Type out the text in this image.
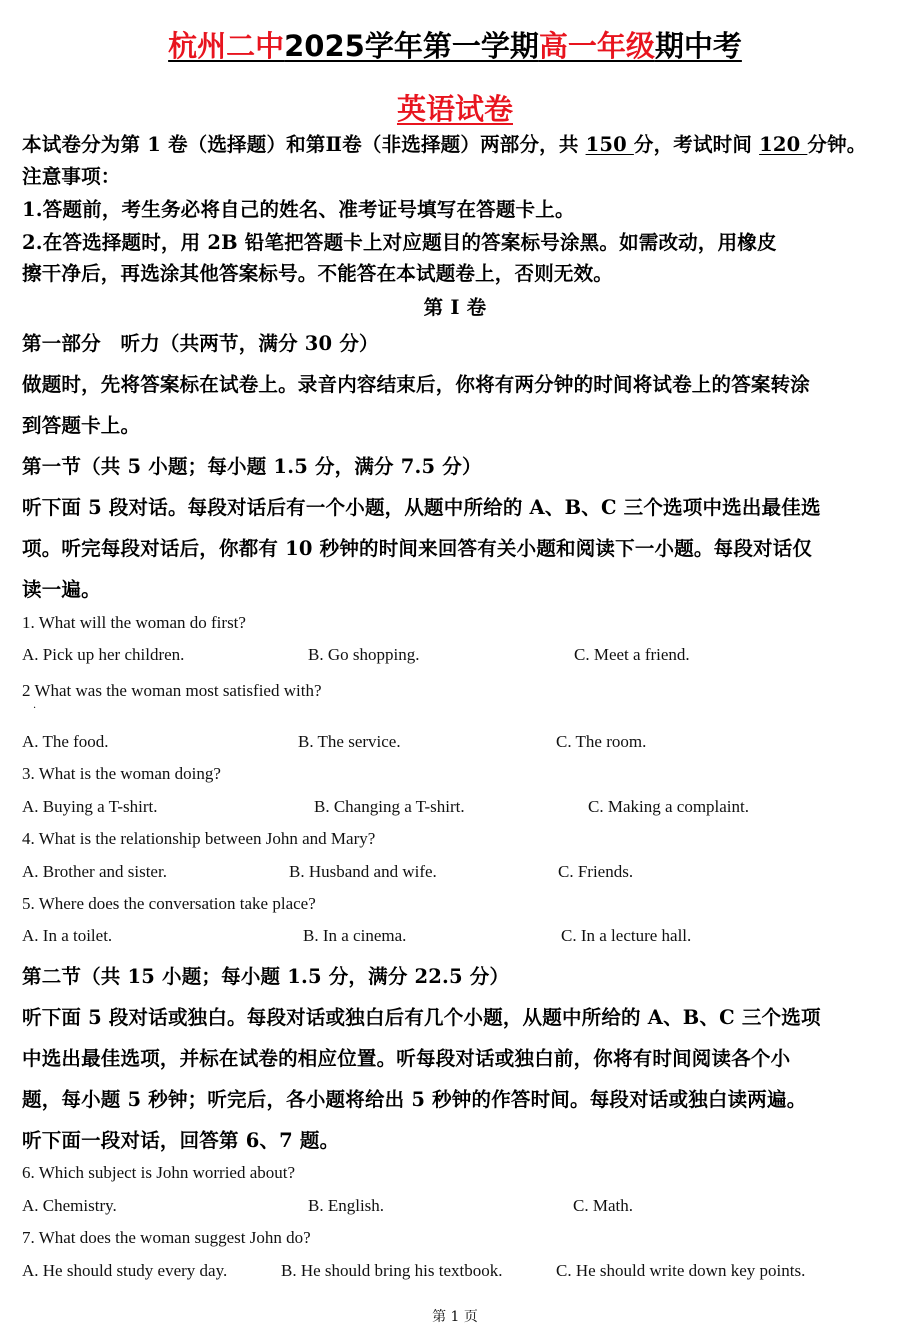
杭州二中2025学年第一学期高一年级期中考
英语试卷
本试卷分为第 1 卷（选择题）和第Ⅱ卷（非选择题）两部分，共 150 分，考试时间 120 分钟。
注意事项：
1.答题前，考生务必将自己的姓名、准考证号填写在答题卡上。
2.在答选择题时，用 2B 铅笔把答题卡上对应题目的答案标号涂黑。如需改动，用橡皮
擦干净后，再选涂其他答案标号。不能答在本试题卷上，否则无效。
第 I 卷
第一部分　听力（共两节，满分 30 分）
做题时，先将答案标在试卷上。录音内容结束后，你将有两分钟的时间将试卷上的答案转涂
到答题卡上。
第一节（共 5 小题；每小题 1.5 分，满分 7.5 分）
听下面 5 段对话。每段对话后有一个小题，从题中所给的 A、B、C 三个选项中选出最佳选
项。听完每段对话后，你都有 10 秒钟的时间来回答有关小题和阅读下一小题。每段对话仅
读一遍。
1. What will the woman do first?
A. Pick up her children.	B. Go shopping.	C. Meet a friend.
2 What was the woman most satisfied with?
.
A. The food.	B. The service.	C. The room.
3. What is the woman doing?
A. Buying a T-shirt.	B. Changing a T-shirt.	C. Making a complaint.
4. What is the relationship between John and Mary?
A. Brother and sister.	B. Husband and wife.	C. Friends.
5. Where does the conversation take place?
A. In a toilet.	B. In a cinema.	C. In a lecture hall.
第二节（共 15 小题；每小题 1.5 分，满分 22.5 分）
听下面 5 段对话或独白。每段对话或独白后有几个小题，从题中所给的 A、B、C 三个选项
中选出最佳选项，并标在试卷的相应位置。听每段对话或独白前，你将有时间阅读各个小
题，每小题 5 秒钟；听完后，各小题将给出 5 秒钟的作答时间。每段对话或独白读两遍。
听下面一段对话，回答第 6、7 题。
6. Which subject is John worried about?
A. Chemistry.	B. English.	C. Math.
7. What does the woman suggest John do?
A. He should study every day.	B. He should bring his textbook.	C. He should write down key points.
第 1 页
